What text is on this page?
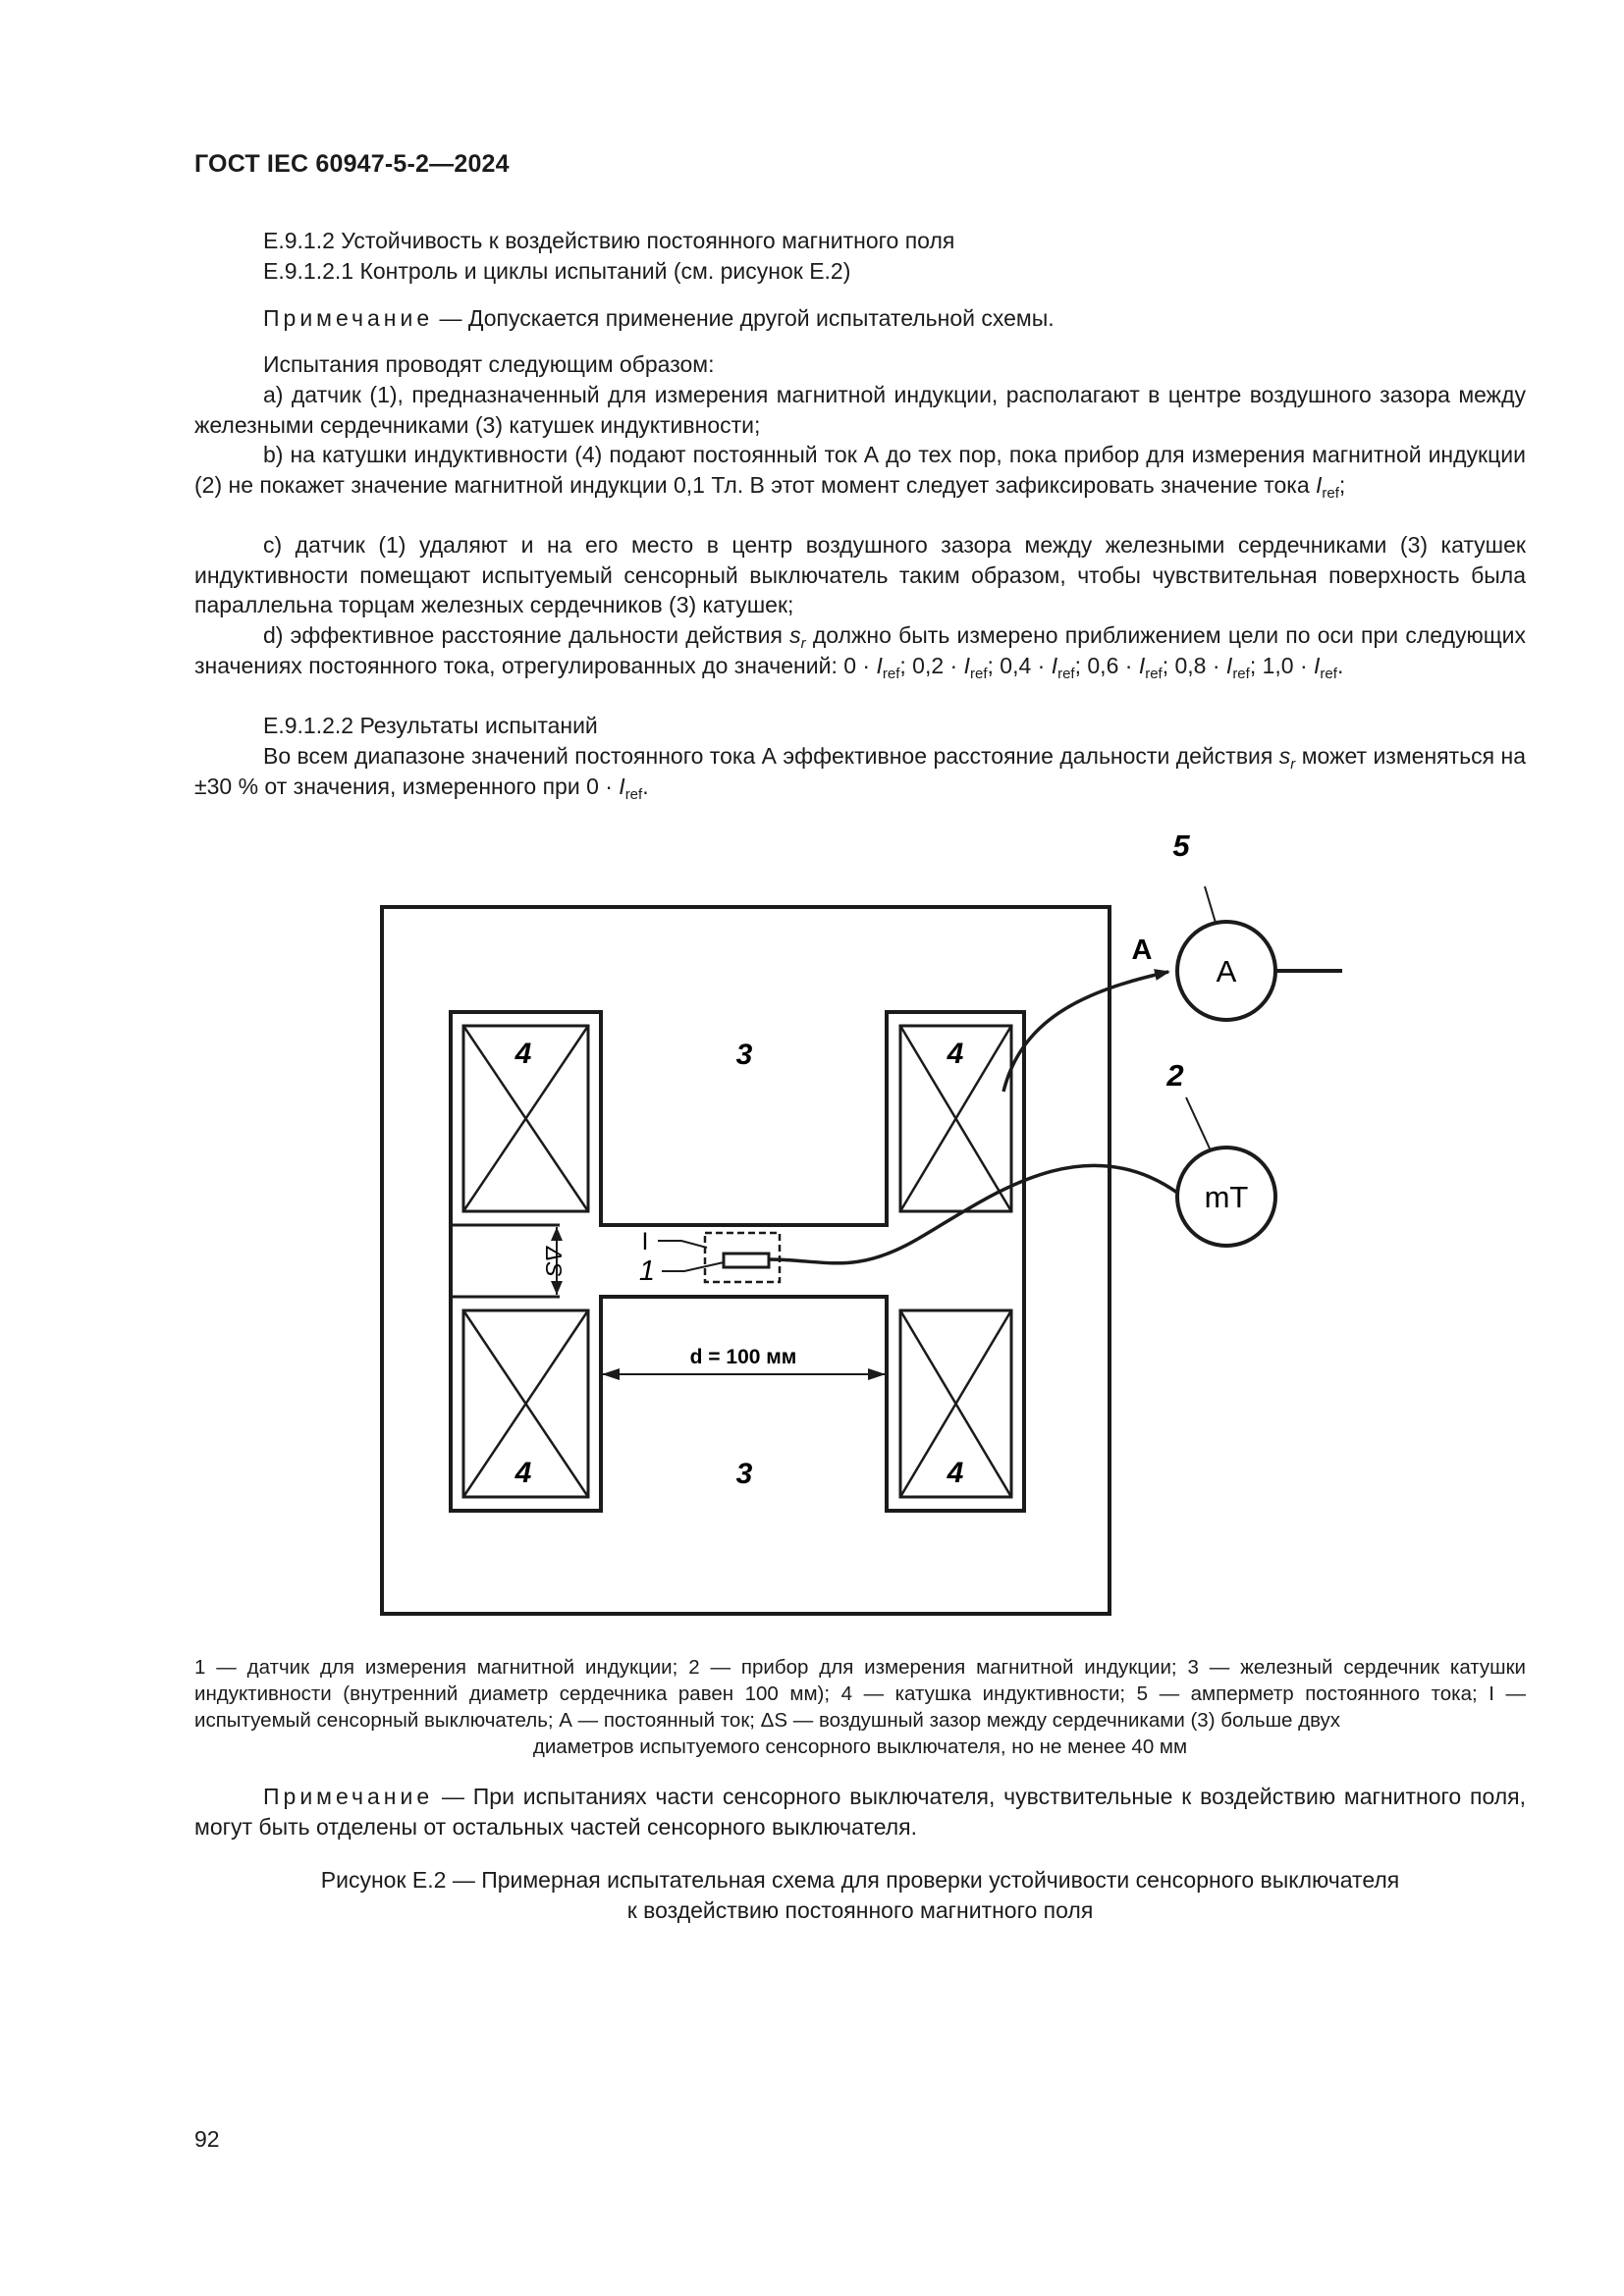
ГОСТ IEC 60947-5-2—2024
Е.9.1.2 Устойчивость к воздействию постоянного магнитного поля
Е.9.1.2.1 Контроль и циклы испытаний (см. рисунок Е.2)
Примечание — Допускается применение другой испытательной схемы.
Испытания проводят следующим образом:
a) датчик (1), предназначенный для измерения магнитной индукции, располагают в центре воздушного зазора между железными сердечниками (3) катушек индуктивности;
b) на катушки индуктивности (4) подают постоянный ток А до тех пор, пока прибор для измерения магнитной индукции (2) не покажет значение магнитной индукции 0,1 Тл. В этот момент следует зафиксировать значение тока $I_{ref}$;
c) датчик (1) удаляют и на его место в центр воздушного зазора между железными сердечниками (3) катушек индуктивности помещают испытуемый сенсорный выключатель таким образом, чтобы чувствительная поверхность была параллельна торцам железных сердечников (3) катушек;
d) эффективное расстояние дальности действия $s_r$ должно быть измерено приближением цели по оси при следующих значениях постоянного тока, отрегулированных до значений: $0 \cdot I_{ref}$; $0,2 \cdot I_{ref}$; $0,4 \cdot I_{ref}$; $0,6 \cdot I_{ref}$; $0,8 \cdot I_{ref}$; $1,0 \cdot I_{ref}$.
Е.9.1.2.2 Результаты испытаний
Во всем диапазоне значений постоянного тока А эффективное расстояние дальности действия $s_r$ может изменяться на ±30 % от значения, измеренного при $0 \cdot I_{ref}$.
4	4
4	4
3
3
ΔS
I
1
d = 100 мм
A
A
5
mT
2
1 — датчик для измерения магнитной индукции; 2 — прибор для измерения магнитной индукции; 3 — железный сердечник катушки индуктивности (внутренний диаметр сердечника равен 100 мм); 4 — катушка индуктивности; 5 — амперметр постоянного тока; I — испытуемый сенсорный выключатель; А — постоянный ток; ΔS — воздушный зазор между сердечниками (3) больше двух
диаметров испытуемого сенсорного выключателя, но не менее 40 мм
Примечание — При испытаниях части сенсорного выключателя, чувствительные к воздействию магнитного поля, могут быть отделены от остальных частей сенсорного выключателя.
Рисунок Е.2 — Примерная испытательная схема для проверки устойчивости сенсорного выключателя
к воздействию постоянного магнитного поля
92
